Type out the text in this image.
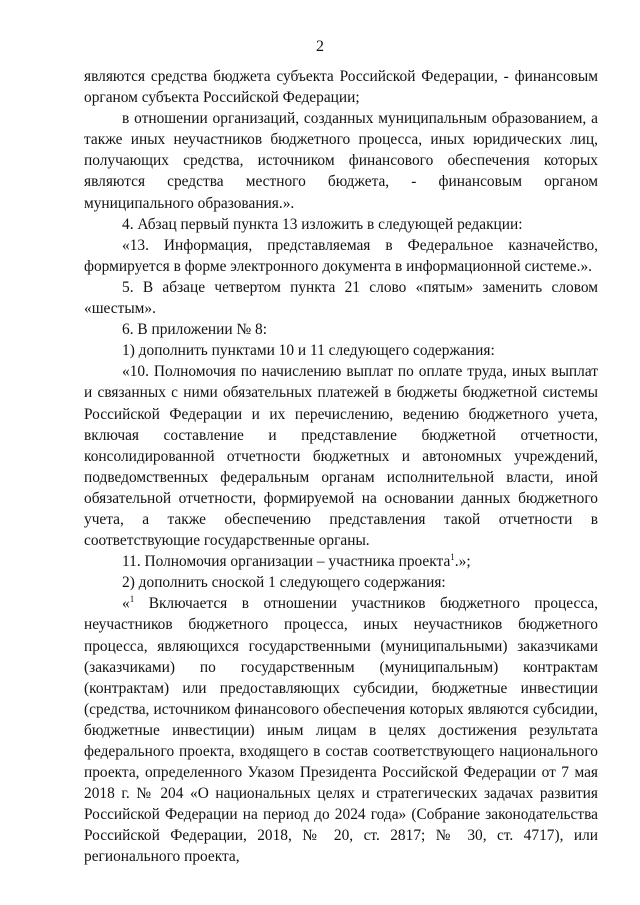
2

являются средства бюджета субъекта Российской Федерации, - финансовым органом субъекта Российской Федерации;

в отношении организаций, созданных муниципальным образованием, а также иных неучастников бюджетного процесса, иных юридических лиц, получающих средства, источником финансового обеспечения которых являются средства местного бюджета, - финансовым органом муниципального образования.».

4. Абзац первый пункта 13 изложить в следующей редакции:

«13. Информация, представляемая в Федеральное казначейство, формируется в форме электронного документа в информационной системе.».

5. В абзаце четвертом пункта 21 слово «пятым» заменить словом «шестым».

6. В приложении № 8:

1) дополнить пунктами 10 и 11 следующего содержания:

«10. Полномочия по начислению выплат по оплате труда, иных выплат и связанных с ними обязательных платежей в бюджеты бюджетной системы Российской Федерации и их перечислению, ведению бюджетного учета, включая составление и представление бюджетной отчетности, консолидированной отчетности бюджетных и автономных учреждений, подведомственных федеральным органам исполнительной власти, иной обязательной отчетности, формируемой на основании данных бюджетного учета, а также обеспечению представления такой отчетности в соответствующие государственные органы.

11. Полномочия организации – участника проекта$^1$.»;

2) дополнить сноской 1 следующего содержания:

«$^1$ Включается в отношении участников бюджетного процесса, неучастников бюджетного процесса, иных неучастников бюджетного процесса, являющихся государственными (муниципальными) заказчиками (заказчиками) по государственным (муниципальным) контрактам (контрактам) или предоставляющих субсидии, бюджетные инвестиции (средства, источником финансового обеспечения которых являются субсидии, бюджетные инвестиции) иным лицам в целях достижения результата федерального проекта, входящего в состав соответствующего национального проекта, определенного Указом Президента Российской Федерации от 7 мая 2018 г. № 204 «О национальных целях и стратегических задачах развития Российской Федерации на период до 2024 года» (Собрание законодательства Российской Федерации, 2018, № 20, ст. 2817; № 30, ст. 4717), или регионального проекта,
